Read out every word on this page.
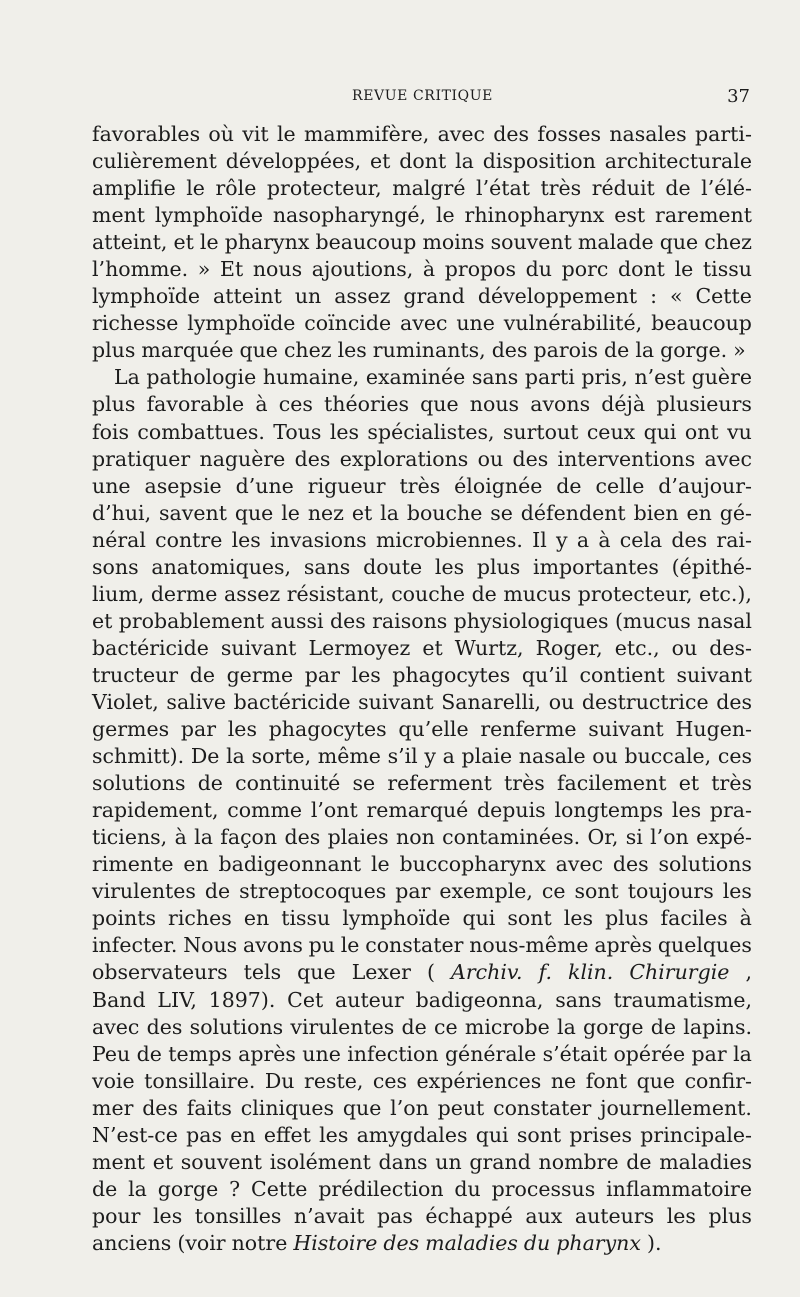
REVUE CRITIQUE	37
favorables où vit le mammifère, avec des fosses nasales parti-
culièrement développées, et dont la disposition architecturale
amplifie le rôle protecteur, malgré l’état très réduit de l’élé-
ment lymphoïde nasopharyngé, le rhinopharynx est rarement
atteint, et le pharynx beaucoup moins souvent malade que chez
l’homme. » Et nous ajoutions, à propos du porc dont le tissu
lymphoïde atteint un assez grand développement : « Cette
richesse lymphoïde coïncide avec une vulnérabilité, beaucoup
plus marquée que chez les ruminants, des parois de la gorge. »
La pathologie humaine, examinée sans parti pris, n’est guère
plus favorable à ces théories que nous avons déjà plusieurs
fois combattues. Tous les spécialistes, surtout ceux qui ont vu
pratiquer naguère des explorations ou des interventions avec
une asepsie d’une rigueur très éloignée de celle d’aujour-
d’hui, savent que le nez et la bouche se défendent bien en gé-
néral contre les invasions microbiennes. Il y a à cela des rai-
sons anatomiques, sans doute les plus importantes (épithé-
lium, derme assez résistant, couche de mucus protecteur, etc.),
et probablement aussi des raisons physiologiques (mucus nasal
bactéricide suivant Lermoyez et Wurtz, Roger, etc., ou des-
tructeur de germe par les phagocytes qu’il contient suivant
Violet, salive bactéricide suivant Sanarelli, ou destructrice des
germes par les phagocytes qu’elle renferme suivant Hugen-
schmitt). De la sorte, même s’il y a plaie nasale ou buccale, ces
solutions de continuité se referment très facilement et très
rapidement, comme l’ont remarqué depuis longtemps les pra-
ticiens, à la façon des plaies non contaminées. Or, si l’on expé-
rimente en badigeonnant le buccopharynx avec des solutions
virulentes de streptocoques par exemple, ce sont toujours les
points riches en tissu lymphoïde qui sont les plus faciles à
infecter. Nous avons pu le constater nous-même après quelques
observateurs tels que Lexer ( Archiv. f. klin. Chirurgie ,
Band LIV, 1897). Cet auteur badigeonna, sans traumatisme,
avec des solutions virulentes de ce microbe la gorge de lapins.
Peu de temps après une infection générale s’était opérée par la
voie tonsillaire. Du reste, ces expériences ne font que confir-
mer des faits cliniques que l’on peut constater journellement.
N’est-ce pas en effet les amygdales qui sont prises principale-
ment et souvent isolément dans un grand nombre de maladies
de la gorge ? Cette prédilection du processus inflammatoire
pour les tonsilles n’avait pas échappé aux auteurs les plus
anciens (voir notre Histoire des maladies du pharynx ).
